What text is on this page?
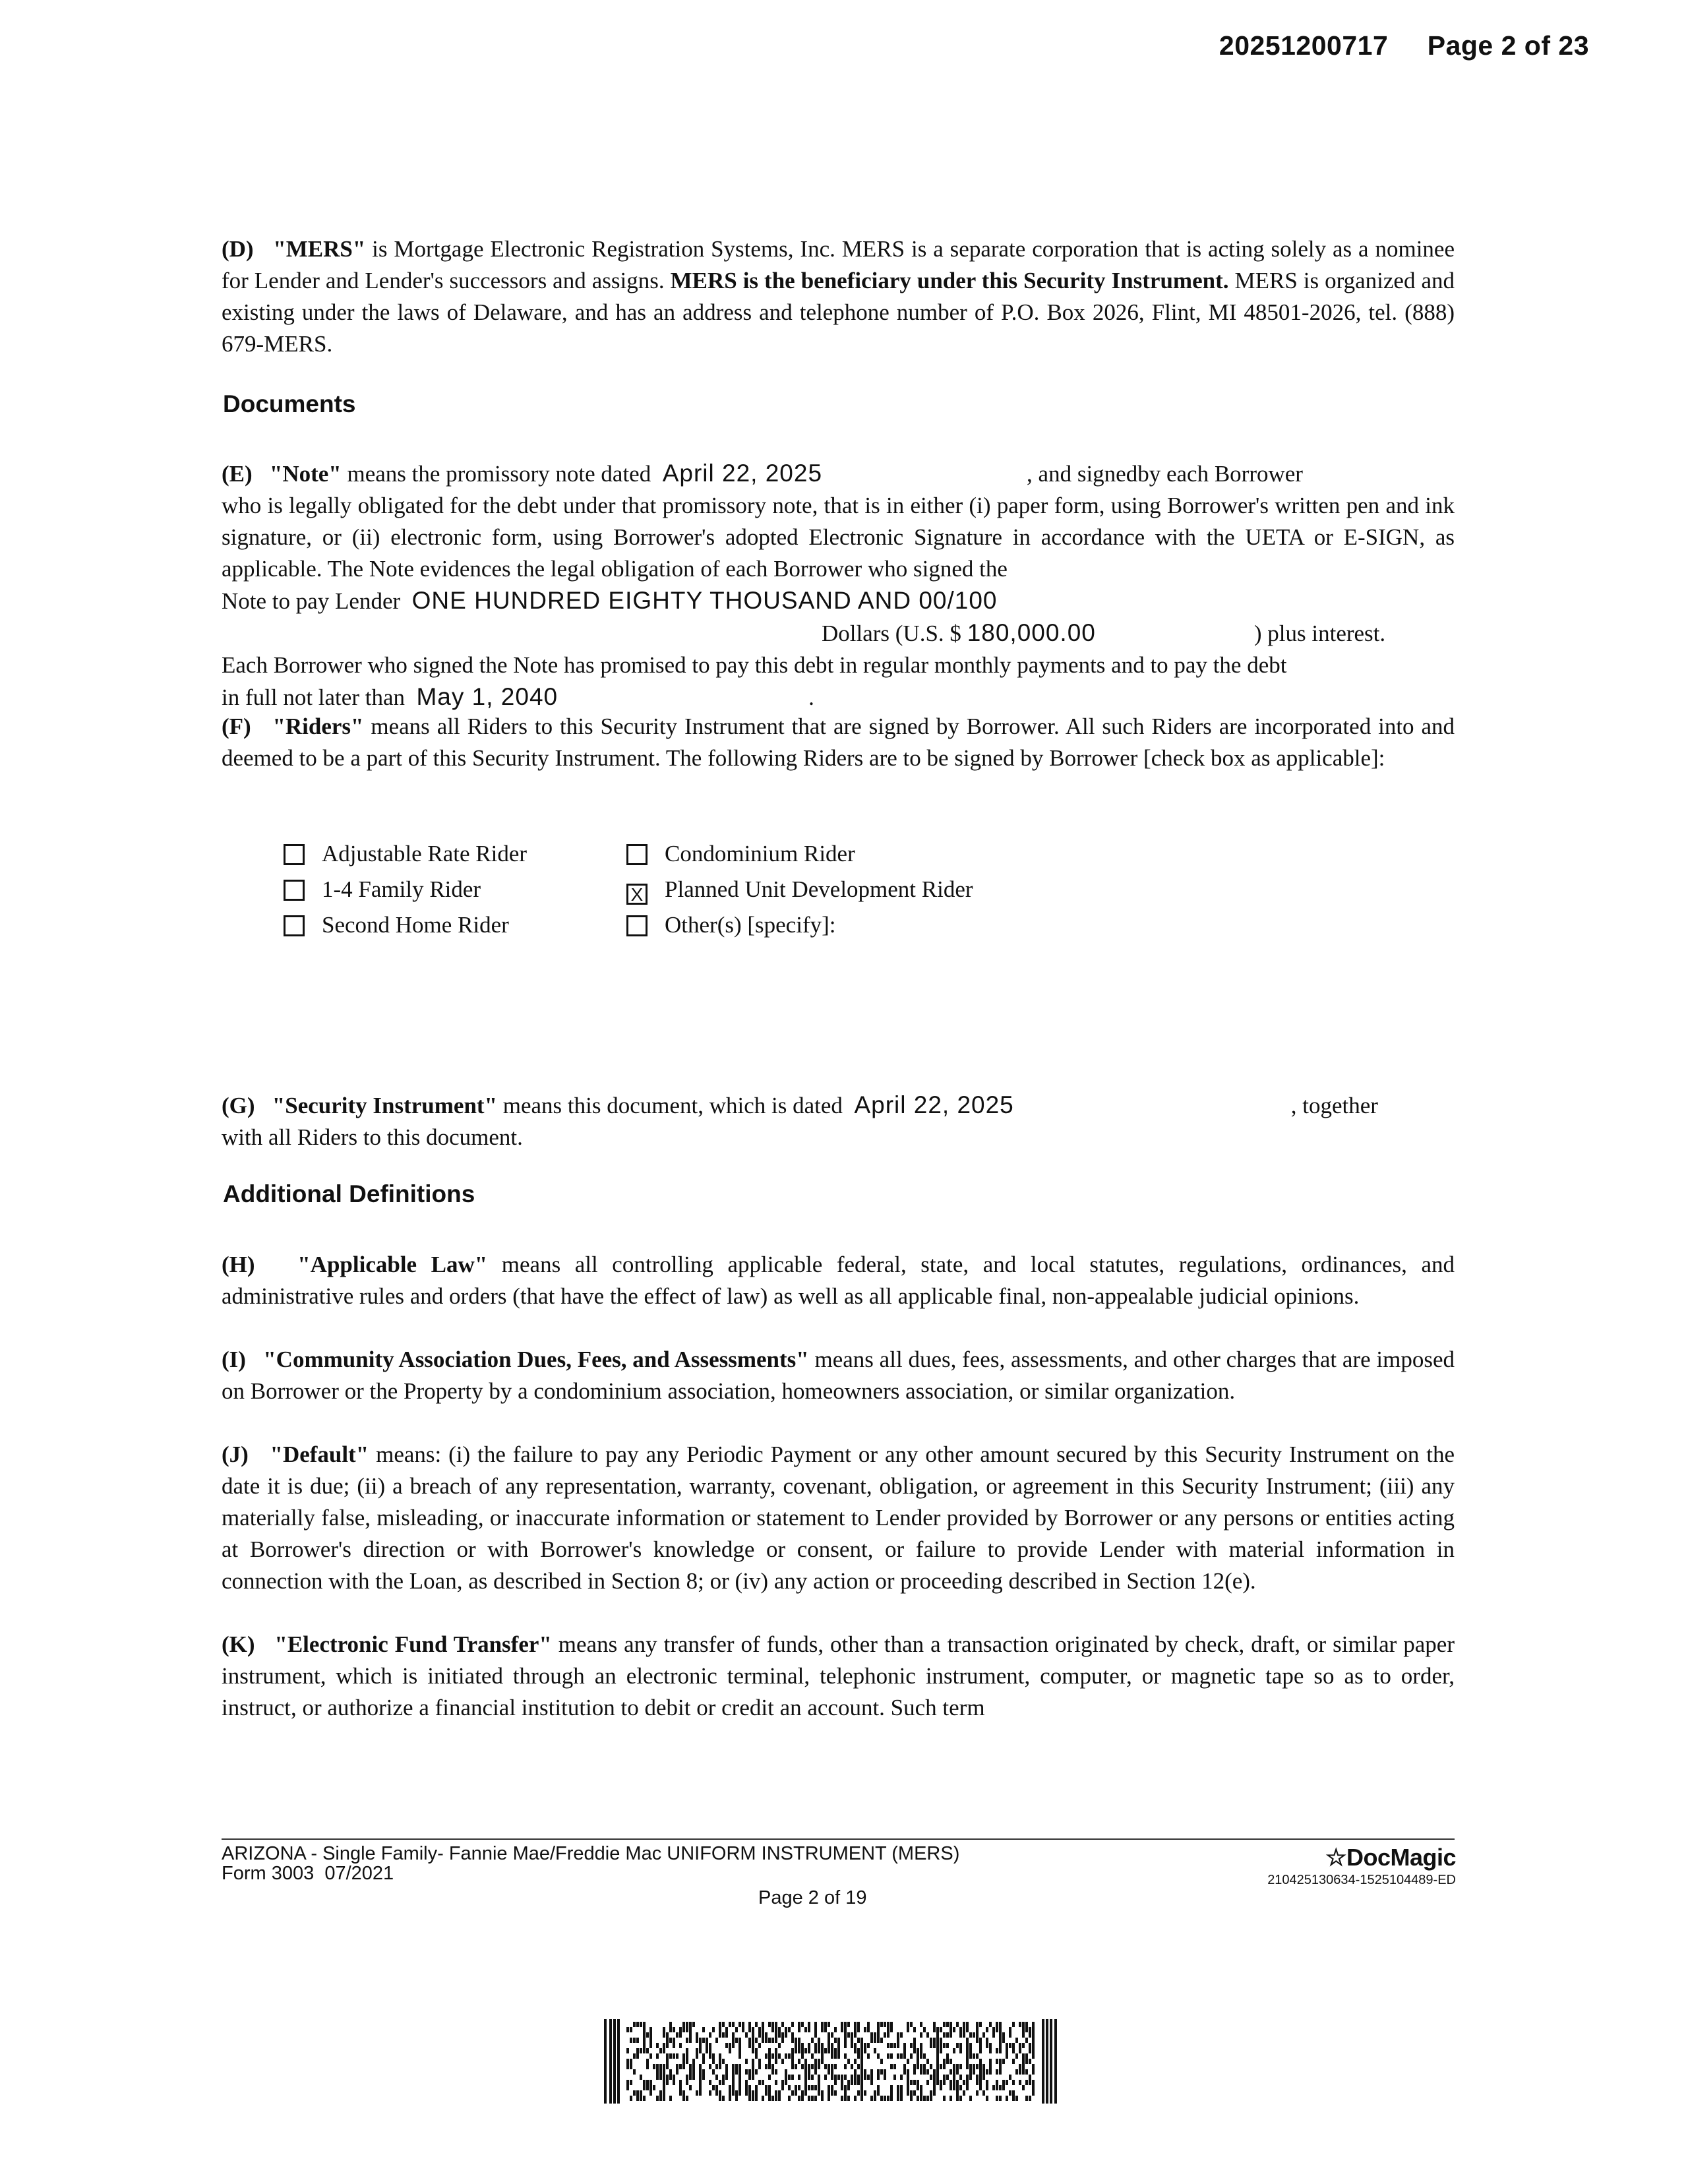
20251200717 Page 2 of 23
(D) "MERS" is Mortgage Electronic Registration Systems, Inc. MERS is a separate corporation that is acting solely as a nominee for Lender and Lender's successors and assigns. MERS is the beneficiary under this Security Instrument. MERS is organized and existing under the laws of Delaware, and has an address and telephone number of P.O. Box 2026, Flint, MI 48501-2026, tel. (888) 679-MERS.
Documents
(E) "Note" means the promissory note dated April 22, 2025	, and signedby each Borrower
who is legally obligated for the debt under that promissory note, that is in either (i) paper form, using Borrower's written pen and ink signature, or (ii) electronic form, using Borrower's adopted Electronic Signature in accordance with the UETA or E-SIGN, as applicable. The Note evidences the legal obligation of each Borrower who signed the
Note to pay Lender ONE HUNDRED EIGHTY THOUSAND AND 00/100
Dollars (U.S. $ 180,000.00	) plus interest.
Each Borrower who signed the Note has promised to pay this debt in regular monthly payments and to pay the debt
in full not later than May 1, 2040	.
(F) "Riders" means all Riders to this Security Instrument that are signed by Borrower. All such Riders are incorporated into and deemed to be a part of this Security Instrument. The following Riders are to be signed by Borrower [check box as applicable]:
Adjustable Rate Rider
1-4 Family Rider
Second Home Rider
Condominium Rider
X Planned Unit Development Rider
Other(s) [specify]:
(G) "Security Instrument" means this document, which is dated April 22, 2025	, together
with all Riders to this document.
Additional Definitions
(H) "Applicable Law" means all controlling applicable federal, state, and local statutes, regulations, ordinances, and administrative rules and orders (that have the effect of law) as well as all applicable final, non-appealable judicial opinions.
(I) "Community Association Dues, Fees, and Assessments" means all dues, fees, assessments, and other charges that are imposed on Borrower or the Property by a condominium association, homeowners association, or similar organization.
(J) "Default" means: (i) the failure to pay any Periodic Payment or any other amount secured by this Security Instrument on the date it is due; (ii) a breach of any representation, warranty, covenant, obligation, or agreement in this Security Instrument; (iii) any materially false, misleading, or inaccurate information or statement to Lender provided by Borrower or any persons or entities acting at Borrower's direction or with Borrower's knowledge or consent, or failure to provide Lender with material information in connection with the Loan, as described in Section 8; or (iv) any action or proceeding described in Section 12(e).
(K) "Electronic Fund Transfer" means any transfer of funds, other than a transaction originated by check, draft, or similar paper instrument, which is initiated through an electronic terminal, telephonic instrument, computer, or magnetic tape so as to order, instruct, or authorize a financial institution to debit or credit an account. Such term
ARIZONA - Single Family- Fannie Mae/Freddie Mac UNIFORM INSTRUMENT (MERS)
Form 3003  07/2021
Page 2 of 19
☆DocMagic
210425130634-1525104489-ED
